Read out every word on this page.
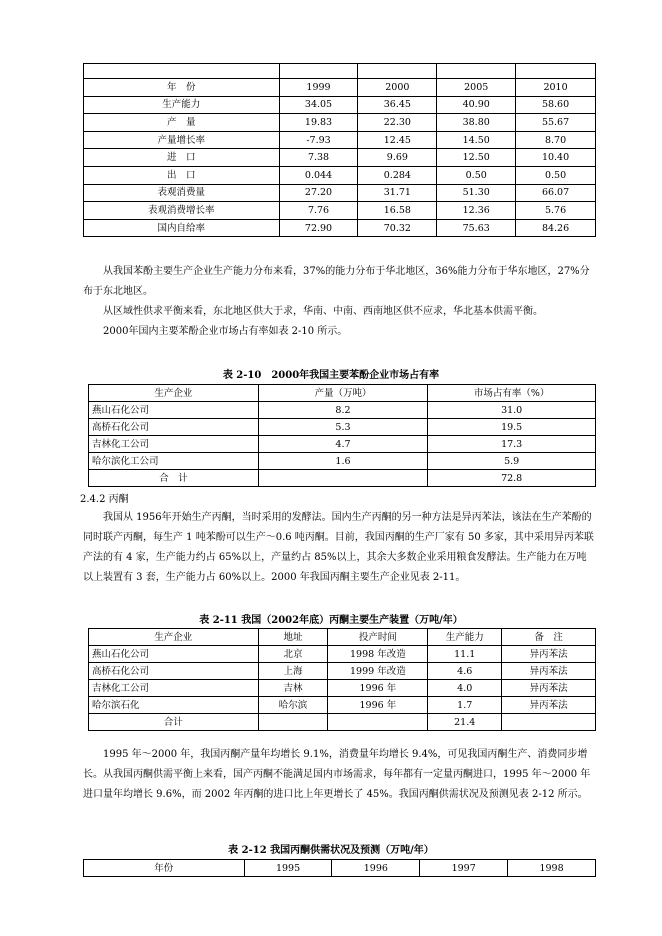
年　份	1999	2000	2005	2010
生产能力	34.05	36.45	40.90	58.60
产　量	19.83	22.30	38.80	55.67
产量增长率	-7.93	12.45	14.50	8.70
进　口	7.38	9.69	12.50	10.40
出　口	0.044	0.284	0.50	0.50
表观消费量	27.20	31.71	51.30	66.07
表观消费增长率	7.76	16.58	12.36	5.76
国内自给率	72.90	70.32	75.63	84.26

从我国苯酚主要生产企业生产能力分布来看，37%的能力分布于华北地区，36%能力分布于华东地区，27%分布于东北地区。

从区域性供求平衡来看，东北地区供大于求，华南、中南、西南地区供不应求，华北基本供需平衡。

2000年国内主要苯酚企业市场占有率如表 2-10 所示。

表 2-10　2000年我国主要苯酚企业市场占有率
生产企业	产量（万吨）	市场占有率（%）
燕山石化公司	8.2	31.0
高桥石化公司	5.3	19.5
吉林化工公司	4.7	17.3
哈尔滨化工公司	1.6	5.9
合　计		72.8
2.4.2 丙酮

我国从 1956年开始生产丙酮，当时采用的发酵法。国内生产丙酮的另一种方法是异丙苯法，该法在生产苯酚的同时联产丙酮，每生产 1 吨苯酚可以生产～0.6 吨丙酮。目前，我国丙酮的生产厂家有 50 多家，其中采用异丙苯联产法的有 4 家，生产能力约占 65%以上，产量约占 85%以上，其余大多数企业采用粮食发酵法。生产能力在万吨以上装置有 3 套，生产能力占 60%以上。2000 年我国丙酮主要生产企业见表 2-11。

表 2-11 我国（2002年底）丙酮主要生产装置（万吨/年）
生产企业	地址	投产时间	生产能力	备　注
燕山石化公司	北京	1998 年改造	11.1	异丙苯法
高桥石化公司	上海	1999 年改造	4.6	异丙苯法
吉林化工公司	吉林	1996 年	4.0	异丙苯法
哈尔滨石化	哈尔滨	1996 年	1.7	异丙苯法
合计			21.4	

1995 年～2000 年，我国丙酮产量年均增长 9.1%，消费量年均增长 9.4%，可见我国丙酮生产、消费同步增长。从我国丙酮供需平衡上来看，国产丙酮不能满足国内市场需求，每年都有一定量丙酮进口，1995 年～2000 年进口量年均增长 9.6%，而 2002 年丙酮的进口比上年更增长了 45%。我国丙酮供需状况及预测见表 2-12 所示。

表 2-12 我国丙酮供需状况及预测（万吨/年）
年份	1995	1996	1997	1998
